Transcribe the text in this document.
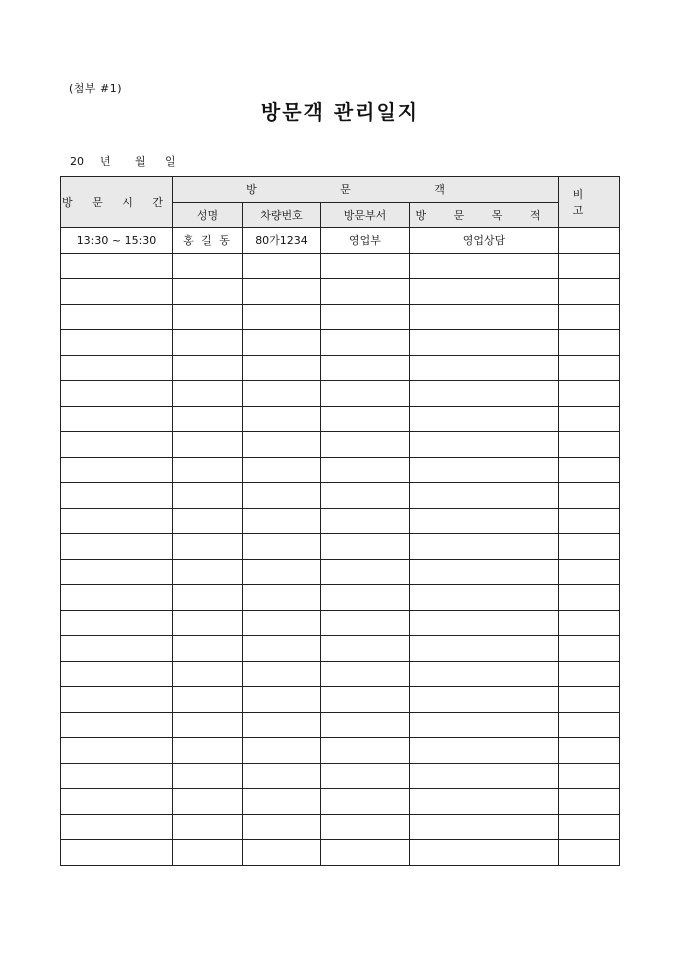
(첨부 #1)
방문객 관리일지
20 년 월 일
방 문 시 간	방 문 객				비 고
	성명	차량번호	방문부서	방 문 목 적	
13:30 ~ 15:30	홍 길 동	80가1234	영업부	영업상담	
